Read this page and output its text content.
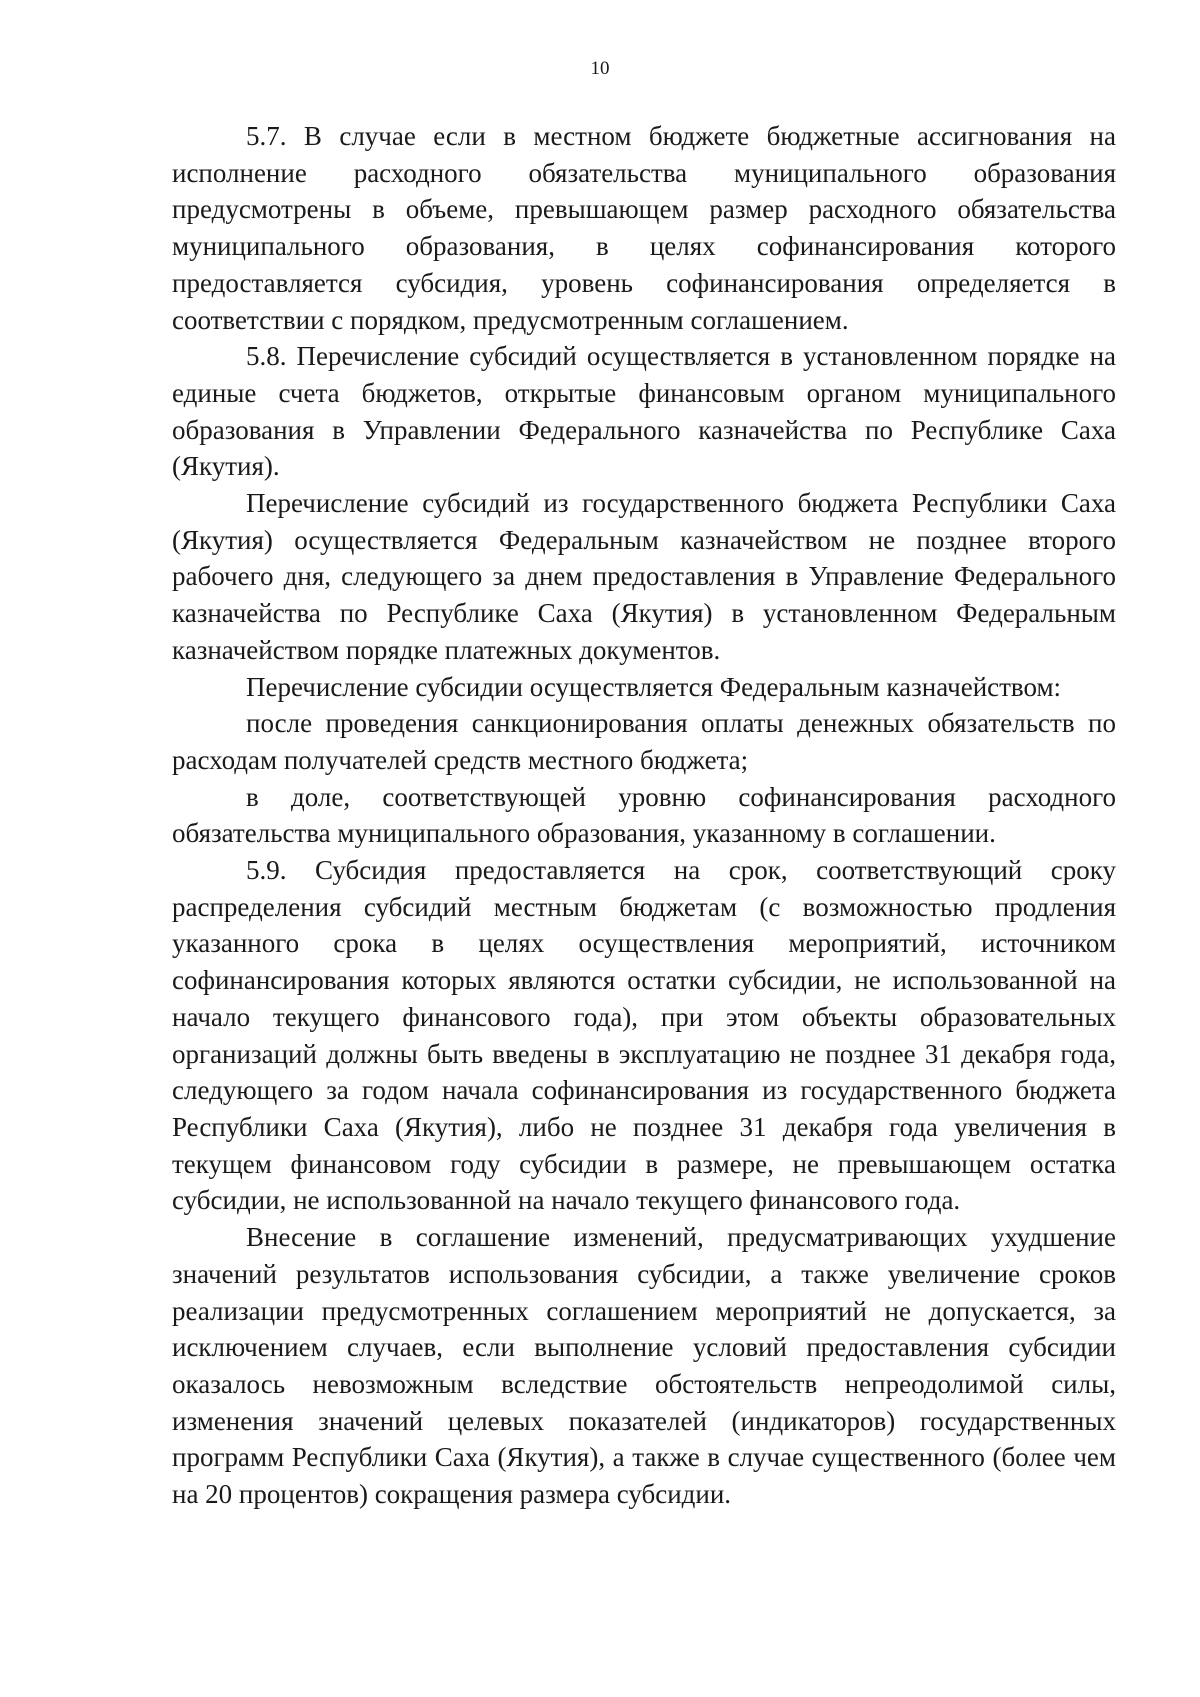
10

5.7. В случае если в местном бюджете бюджетные ассигнования на исполнение расходного обязательства муниципального образования предусмотрены в объеме, превышающем размер расходного обязательства муниципального образования, в целях софинансирования которого предоставляется субсидия, уровень софинансирования определяется в соответствии с порядком, предусмотренным соглашением.

5.8. Перечисление субсидий осуществляется в установленном порядке на единые счета бюджетов, открытые финансовым органом муниципального образования в Управлении Федерального казначейства по Республике Саха (Якутия).

Перечисление субсидий из государственного бюджета Республики Саха (Якутия) осуществляется Федеральным казначейством не позднее второго рабочего дня, следующего за днем предоставления в Управление Федерального казначейства по Республике Саха (Якутия) в установленном Федеральным казначейством порядке платежных документов.

Перечисление субсидии осуществляется Федеральным казначейством:

после проведения санкционирования оплаты денежных обязательств по расходам получателей средств местного бюджета;

в доле, соответствующей уровню софинансирования расходного обязательства муниципального образования, указанному в соглашении.

5.9. Субсидия предоставляется на срок, соответствующий сроку распределения субсидий местным бюджетам (с возможностью продления указанного срока в целях осуществления мероприятий, источником софинансирования которых являются остатки субсидии, не использованной на начало текущего финансового года), при этом объекты образовательных организаций должны быть введены в эксплуатацию не позднее 31 декабря года, следующего за годом начала софинансирования из государственного бюджета Республики Саха (Якутия), либо не позднее 31 декабря года увеличения в текущем финансовом году субсидии в размере, не превышающем остатка субсидии, не использованной на начало текущего финансового года.

Внесение в соглашение изменений, предусматривающих ухудшение значений результатов использования субсидии, а также увеличение сроков реализации предусмотренных соглашением мероприятий не допускается, за исключением случаев, если выполнение условий предоставления субсидии оказалось невозможным вследствие обстоятельств непреодолимой силы, изменения значений целевых показателей (индикаторов) государственных программ Республики Саха (Якутия), а также в случае существенного (более чем на 20 процентов) сокращения размера субсидии.
